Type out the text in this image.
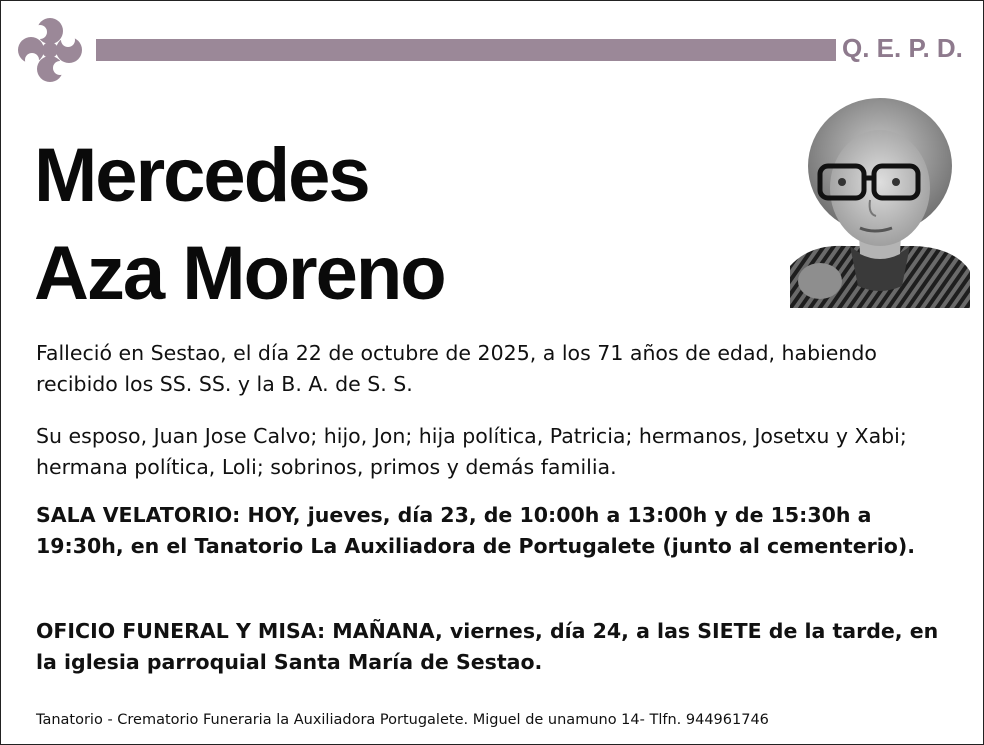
Q. E. P. D.
Mercedes
Aza Moreno
Falleció en Sestao, el día 22 de octubre de 2025, a los 71 años de edad, habiendo recibido los SS. SS. y la B. A. de S. S.
Su esposo, Juan Jose Calvo; hijo, Jon; hija política, Patricia; hermanos, Josetxu y Xabi; hermana política, Loli; sobrinos, primos y demás familia.
SALA VELATORIO: HOY, jueves, día 23, de 10:00h a 13:00h y de 15:30h a 19:30h, en el Tanatorio La Auxiliadora de Portugalete (junto al cementerio).
OFICIO FUNERAL Y MISA: MAÑANA, viernes, día 24, a las SIETE de la tarde, en la iglesia parroquial Santa María de Sestao.
Tanatorio - Crematorio Funeraria la Auxiliadora Portugalete. Miguel de unamuno 14- Tlfn. 944961746
